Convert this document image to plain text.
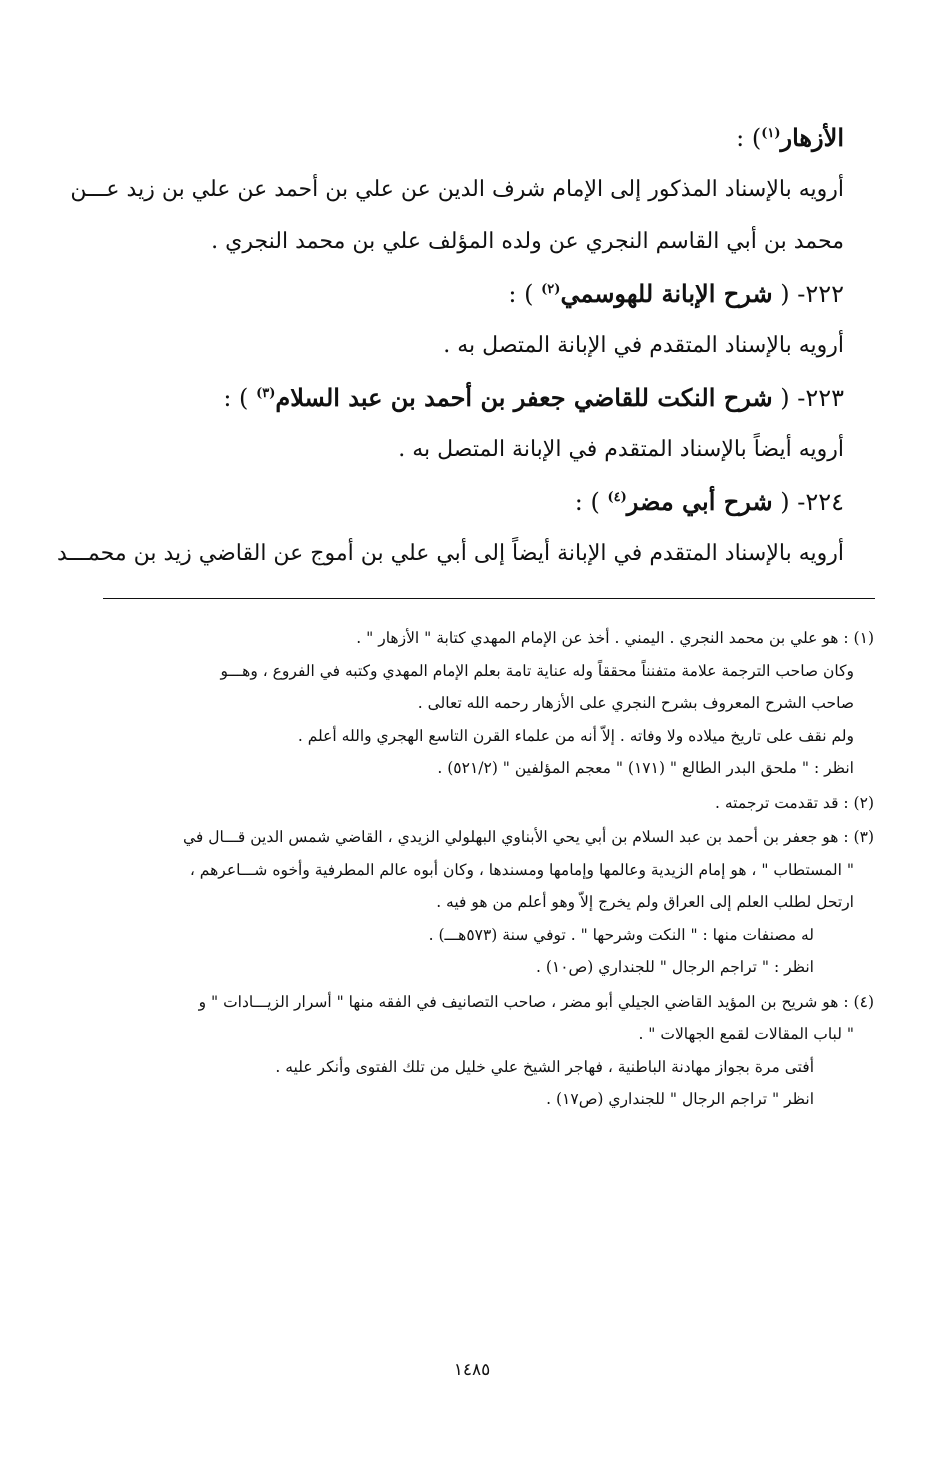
الأزهار$^{(١)}$) :
أرويه بالإسناد المذكور إلى الإمام شرف الدين عن علي بن أحمد عن علي بن زيد عـــن
محمد بن أبي القاسم النجري عن ولده المؤلف علي بن محمد النجري .
٢٢٢- ( شرح الإبانة للهوسمي$^{(٢)}$ ) :
أرويه بالإسناد المتقدم في الإبانة المتصل به .
٢٢٣- ( شرح النكت للقاضي جعفر بن أحمد بن عبد السلام$^{(٣)}$ ) :
أرويه أيضاً بالإسناد المتقدم في الإبانة المتصل به .
٢٢٤- ( شرح أبي مضر$^{(٤)}$ ) :
أرويه بالإسناد المتقدم في الإبانة أيضاً إلى أبي علي بن أموج عن القاضي زيد بن محمـــد
(١) : هو علي بن محمد النجري . اليمني . أخذ عن الإمام المهدي كتابة " الأزهار " .
وكان صاحب الترجمة علامة متفنناً محققاً وله عناية تامة بعلم الإمام المهدي وكتبه في الفروع ، وهـــو
صاحب الشرح المعروف بشرح النجري على الأزهار رحمه الله تعالى .
ولم نقف على تاريخ ميلاده ولا وفاته . إلاّ أنه من علماء القرن التاسع الهجري والله أعلم .
انظر : " ملحق البدر الطالع " (١٧١) " معجم المؤلفين " (٥٢١/٢) .
(٢) : قد تقدمت ترجمته .
(٣) : هو جعفر بن أحمد بن عبد السلام بن أبي يحي الأبناوي البهلولي الزيدي ، القاضي شمس الدين قـــال في
" المستطاب " ، هو إمام الزيدية وعالمها وإمامها ومسندها ، وكان أبوه عالم المطرفية وأخوه شـــاعرهم ،
ارتحل لطلب العلم إلى العراق ولم يخرج إلاّ وهو أعلم من هو فيه .
له مصنفات منها : " النكت وشرحها " . توفي سنة (٥٧٣هـــ) .
انظر : " تراجم الرجال " للجنداري (ص١٠) .
(٤) : هو شريح بن المؤيد القاضي الجيلي أبو مضر ، صاحب التصانيف في الفقه منها " أسرار الزيـــادات " و
" لباب المقالات لقمع الجهالات " .
أفتى مرة بجواز مهادنة الباطنية ، فهاجر الشيخ علي خليل من تلك الفتوى وأنكر عليه .
انظر " تراجم الرجال " للجنداري (ص١٧) .
١٤٨٥
